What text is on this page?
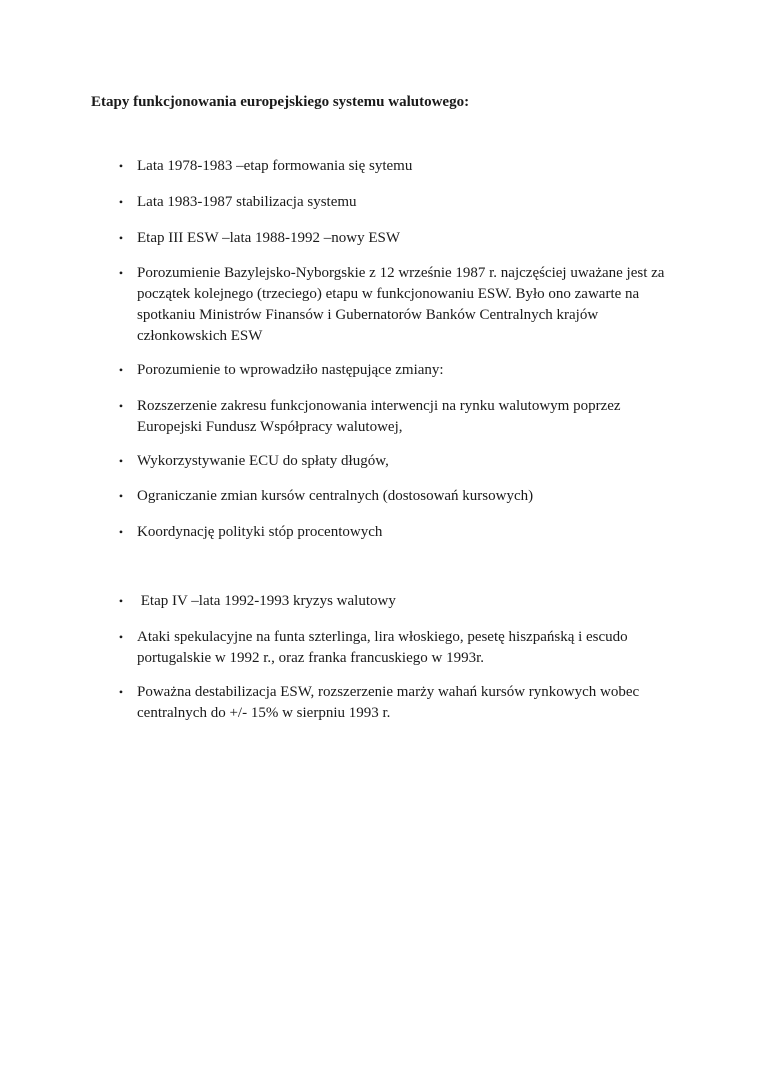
Etapy funkcjonowania europejskiego systemu walutowego:
• Lata 1978-1983 –etap formowania się sytemu
• Lata 1983-1987 stabilizacja systemu
• Etap III ESW –lata 1988-1992 –nowy ESW
• Porozumienie Bazylejsko-Nyborgskie z 12 wrześnie 1987 r. najczęściej uważane jest za początek kolejnego (trzeciego) etapu w funkcjonowaniu ESW. Było ono zawarte na spotkaniu Ministrów Finansów i Gubernatorów Banków Centralnych krajów członkowskich ESW
• Porozumienie to wprowadziło następujące zmiany:
• Rozszerzenie zakresu funkcjonowania interwencji na rynku walutowym poprzez Europejski Fundusz Współpracy walutowej,
• Wykorzystywanie ECU do spłaty długów,
• Ograniczanie zmian kursów centralnych (dostosowań kursowych)
• Koordynację polityki stóp procentowych
• Etap IV –lata 1992-1993 kryzys walutowy
• Ataki spekulacyjne na funta szterlinga, lira włoskiego, pesetę hiszpańską i escudo portugalskie w 1992 r., oraz franka francuskiego w 1993r.
• Poważna destabilizacja ESW, rozszerzenie marży wahań kursów rynkowych wobec centralnych do +/- 15% w sierpniu 1993 r.
